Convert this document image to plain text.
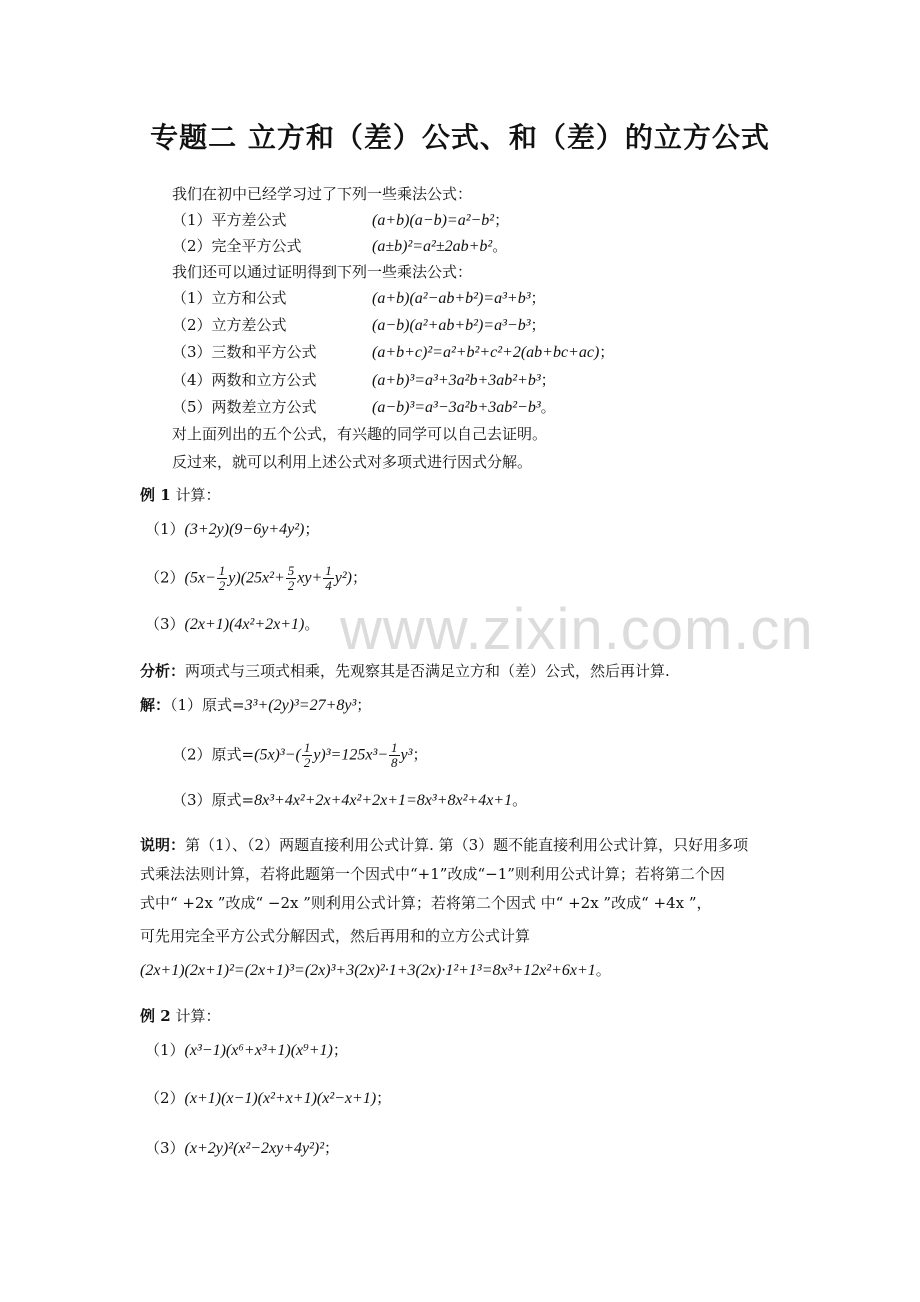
专题二 立方和（差）公式、和（差）的立方公式
我们在初中已经学习过了下列一些乘法公式：
（1）平方差公式	(a+b)(a−b)=a²−b²；
（2）完全平方公式	(a±b)²=a²±2ab+b²。
我们还可以通过证明得到下列一些乘法公式：
（1）立方和公式	(a+b)(a²−ab+b²)=a³+b³；
（2）立方差公式	(a−b)(a²+ab+b²)=a³−b³；
（3）三数和平方公式	(a+b+c)²=a²+b²+c²+2(ab+bc+ac)；
（4）两数和立方公式	(a+b)³=a³+3a²b+3ab²+b³；
（5）两数差立方公式	(a−b)³=a³−3a²b+3ab²−b³。
对上面列出的五个公式，有兴趣的同学可以自己去证明。
反过来，就可以利用上述公式对多项式进行因式分解。
例 1 计算：
（1）(3+2y)(9−6y+4y²)；
$(2)(5x- \frac{1}{2} y)(25x^2+ \frac{5}{2} xy+ \frac{1}{4} y^2)$；
（3）(2x+1)(4x²+2x+1)。
分析：两项式与三项式相乘，先观察其是否满足立方和（差）公式，然后再计算.
解：（1）原式=3³+(2y)³=27+8y³；
（2）原式$=(5x)^3-( \frac{1}{2} y)^3=125x^3- \frac{1}{8} y^3$；
（3）原式=8x³+4x²+2x+4x²+2x+1=8x³+8x²+4x+1。
说明：第（1）、（2）两题直接利用公式计算. 第（3）题不能直接利用公式计算，只好用多项
式乘法法则计算，若将此题第一个因式中“+1”改成“−1”则利用公式计算；若将第二个因
式中“ +2x ”改成“ −2x ”则利用公式计算；若将第二个因式 中“ +2x ”改成“ +4x ”，
可先用完全平方公式分解因式，然后再用和的立方公式计算
(2x+1)(2x+1)²=(2x+1)³=(2x)³+3(2x)²·1+3(2x)·1²+1³=8x³+12x²+6x+1。
www.zixin.com.cn
例 2 计算：
（1）(x³−1)(x⁶+x³+1)(x⁹+1)；
（2）(x+1)(x−1)(x²+x+1)(x²−x+1)；
（3）(x+2y)²(x²−2xy+4y²)²；
